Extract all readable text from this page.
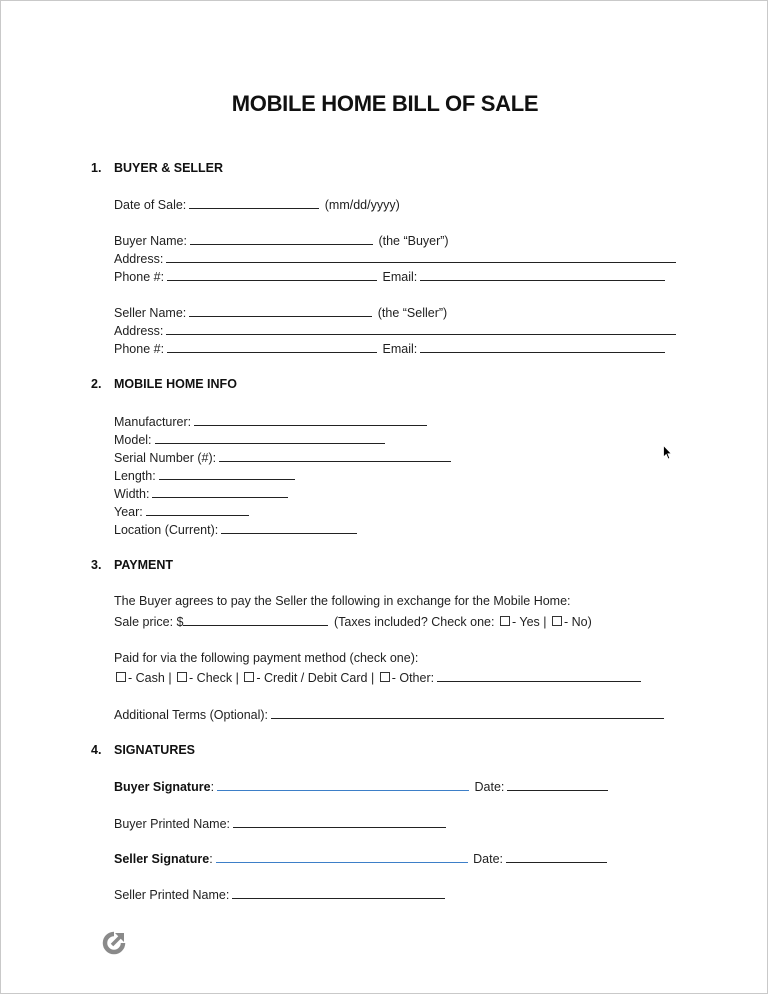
MOBILE HOME BILL OF SALE
1. BUYER & SELLER
Date of Sale:	(mm/dd/yyyy)
Buyer Name:	(the “Buyer”)
Address:
Phone #:	Email:
Seller Name:	(the “Seller”)
Address:
Phone #:	Email:
2. MOBILE HOME INFO
Manufacturer:
Model:
Serial Number (#):
Length:
Width:
Year:
Location (Current):
3. PAYMENT
The Buyer agrees to pay the Seller the following in exchange for the Mobile Home:
Sale price: $	(Taxes included? Check one: - Yes | - No)
Paid for via the following payment method (check one):
- Cash | - Check | - Credit / Debit Card | - Other:
Additional Terms (Optional):
4. SIGNATURES
Buyer Signature:	Date:
Buyer Printed Name:
Seller Signature:	Date:
Seller Printed Name:
